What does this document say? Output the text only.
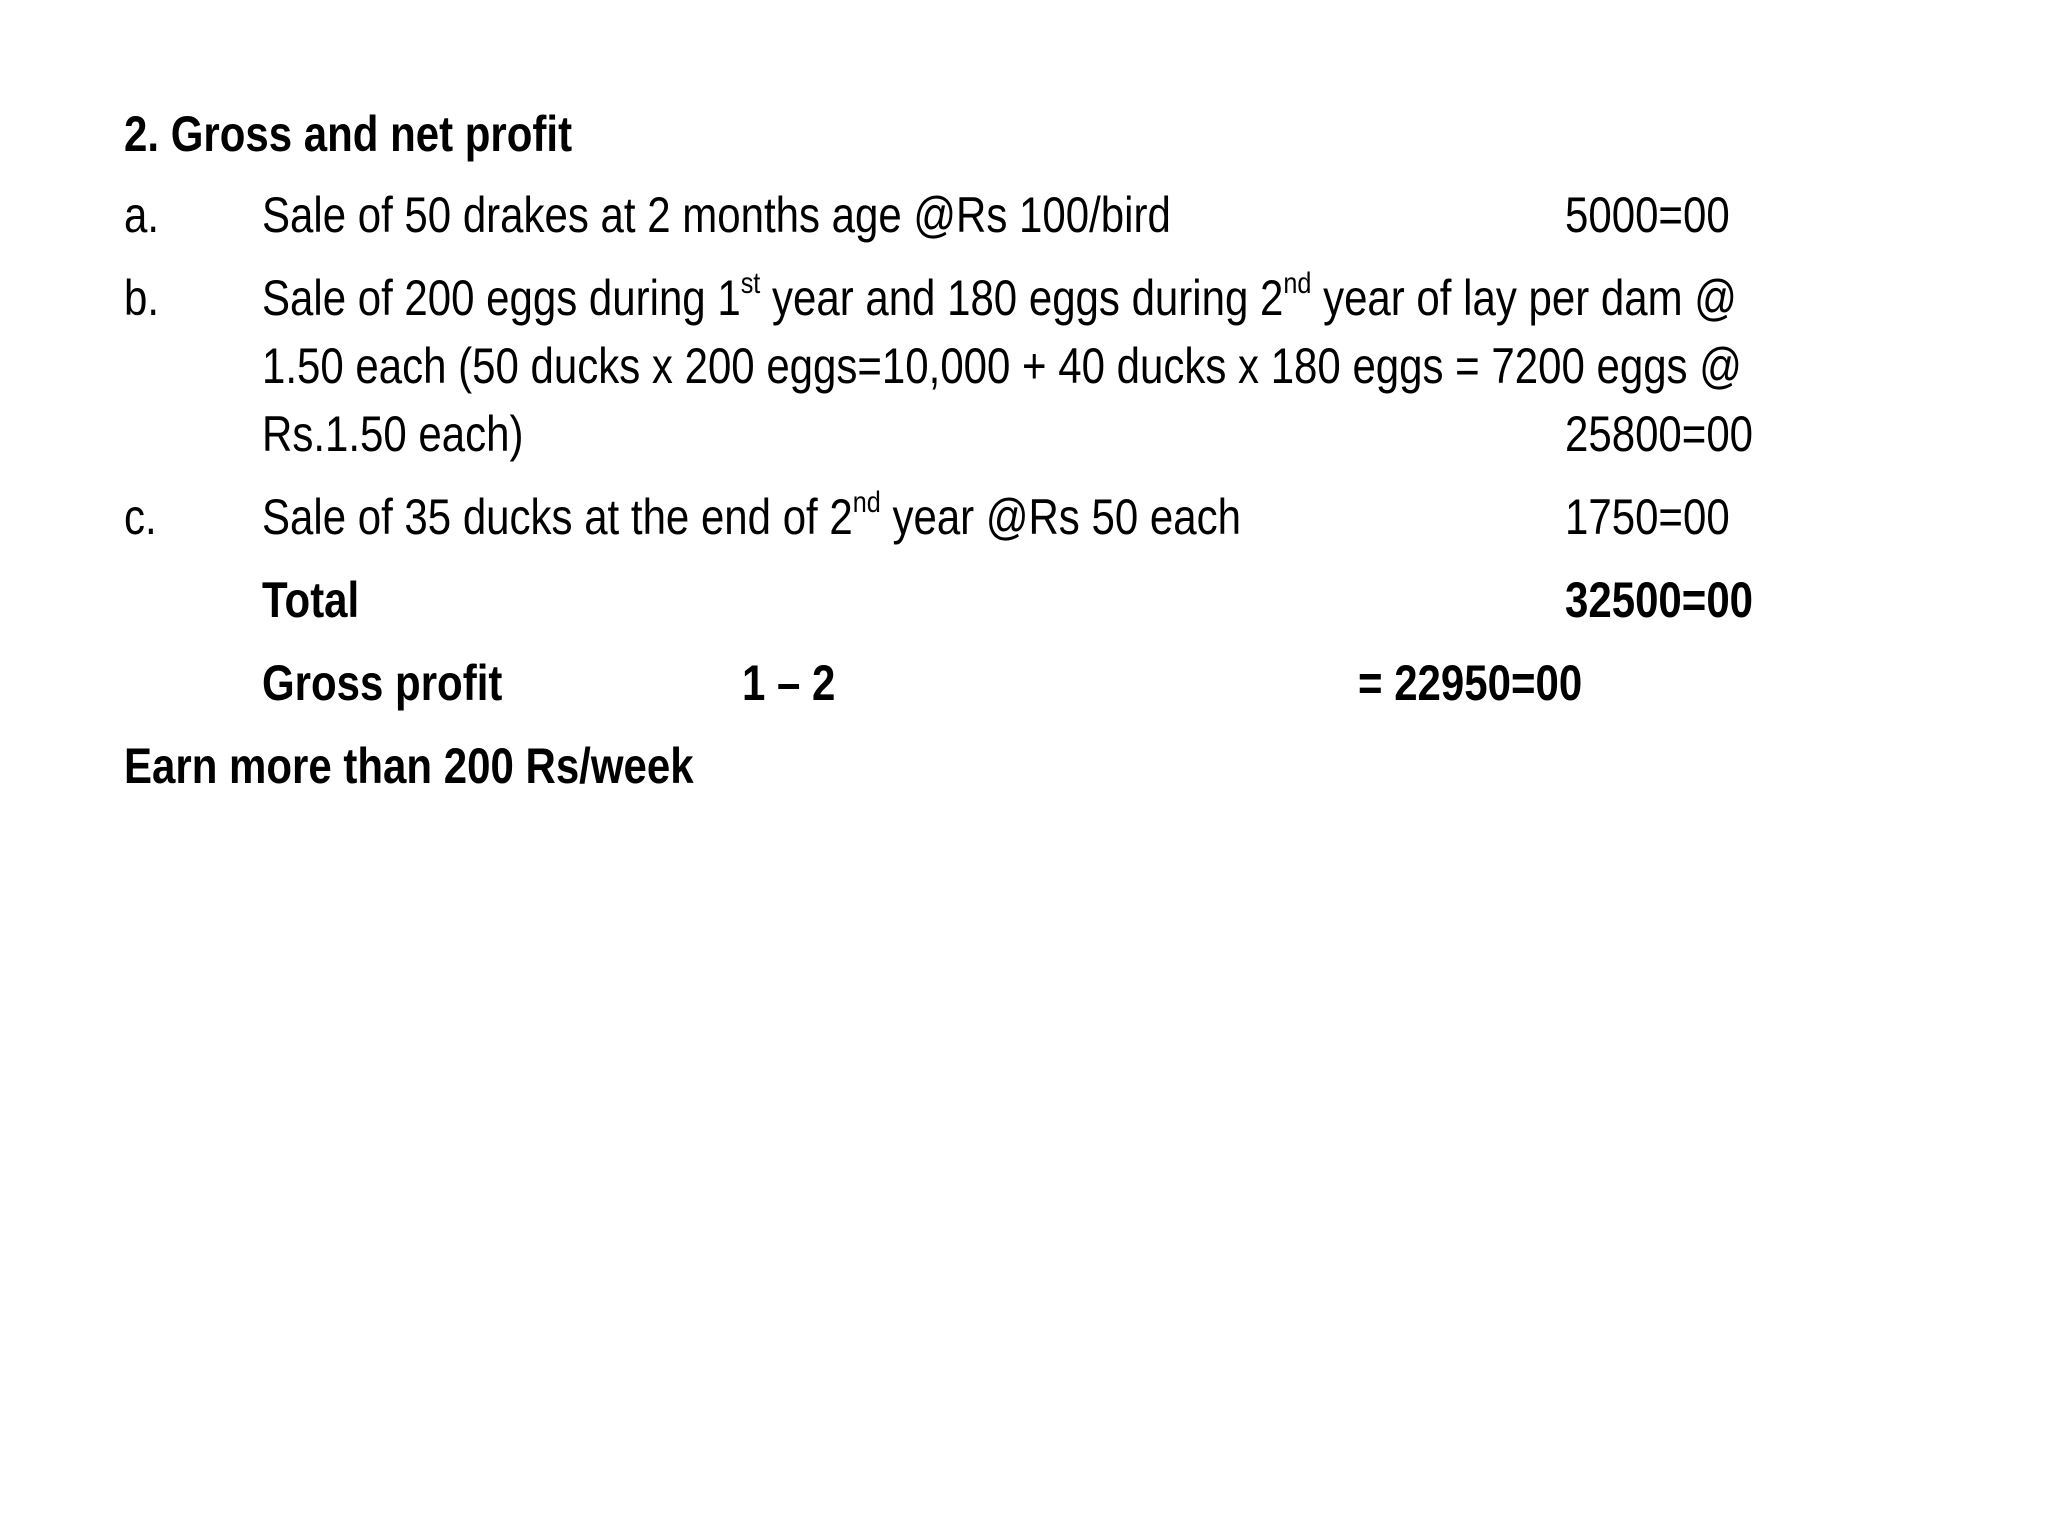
2. Gross and net profit
a. Sale of 50 drakes at 2 months age @Rs 100/bird	5000=00
b. Sale of 200 eggs during 1st year and 180 eggs during 2nd year of lay per dam @
1.50 each (50 ducks x 200 eggs=10,000 + 40 ducks x 180 eggs = 7200 eggs @
Rs.1.50 each)	25800=00
c. Sale of 35 ducks at the end of 2nd year @Rs 50 each	1750=00
Total	32500=00
Gross profit	1 – 2	= 22950=00
Earn more than 200 Rs/week
